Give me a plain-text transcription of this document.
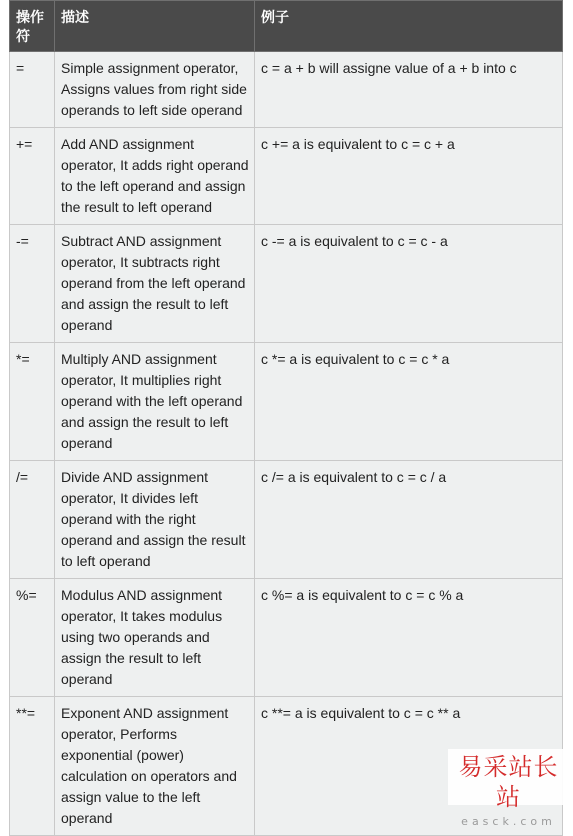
操作符	描述	例子
=	Simple assignment operator, Assigns values from right side operands to left side operand	c = a + b will assigne value of a + b into c
+=	Add AND assignment operator, It adds right operand to the left operand and assign the result to left operand	c += a is equivalent to c = c + a
-=	Subtract AND assignment operator, It subtracts right operand from the left operand and assign the result to left operand	c -= a is equivalent to c = c - a
*=	Multiply AND assignment operator, It multiplies right operand with the left operand and assign the result to left operand	c *= a is equivalent to c = c * a
/=	Divide AND assignment operator, It divides left operand with the right operand and assign the result to left operand	c /= a is equivalent to c = c / a
%=	Modulus AND assignment operator, It takes modulus using two operands and assign the result to left operand	c %= a is equivalent to c = c % a
**=	Exponent AND assignment operator, Performs exponential (power) calculation on operators and assign value to the left operand	c **= a is equivalent to c = c ** a
易采站长站
easck.com
